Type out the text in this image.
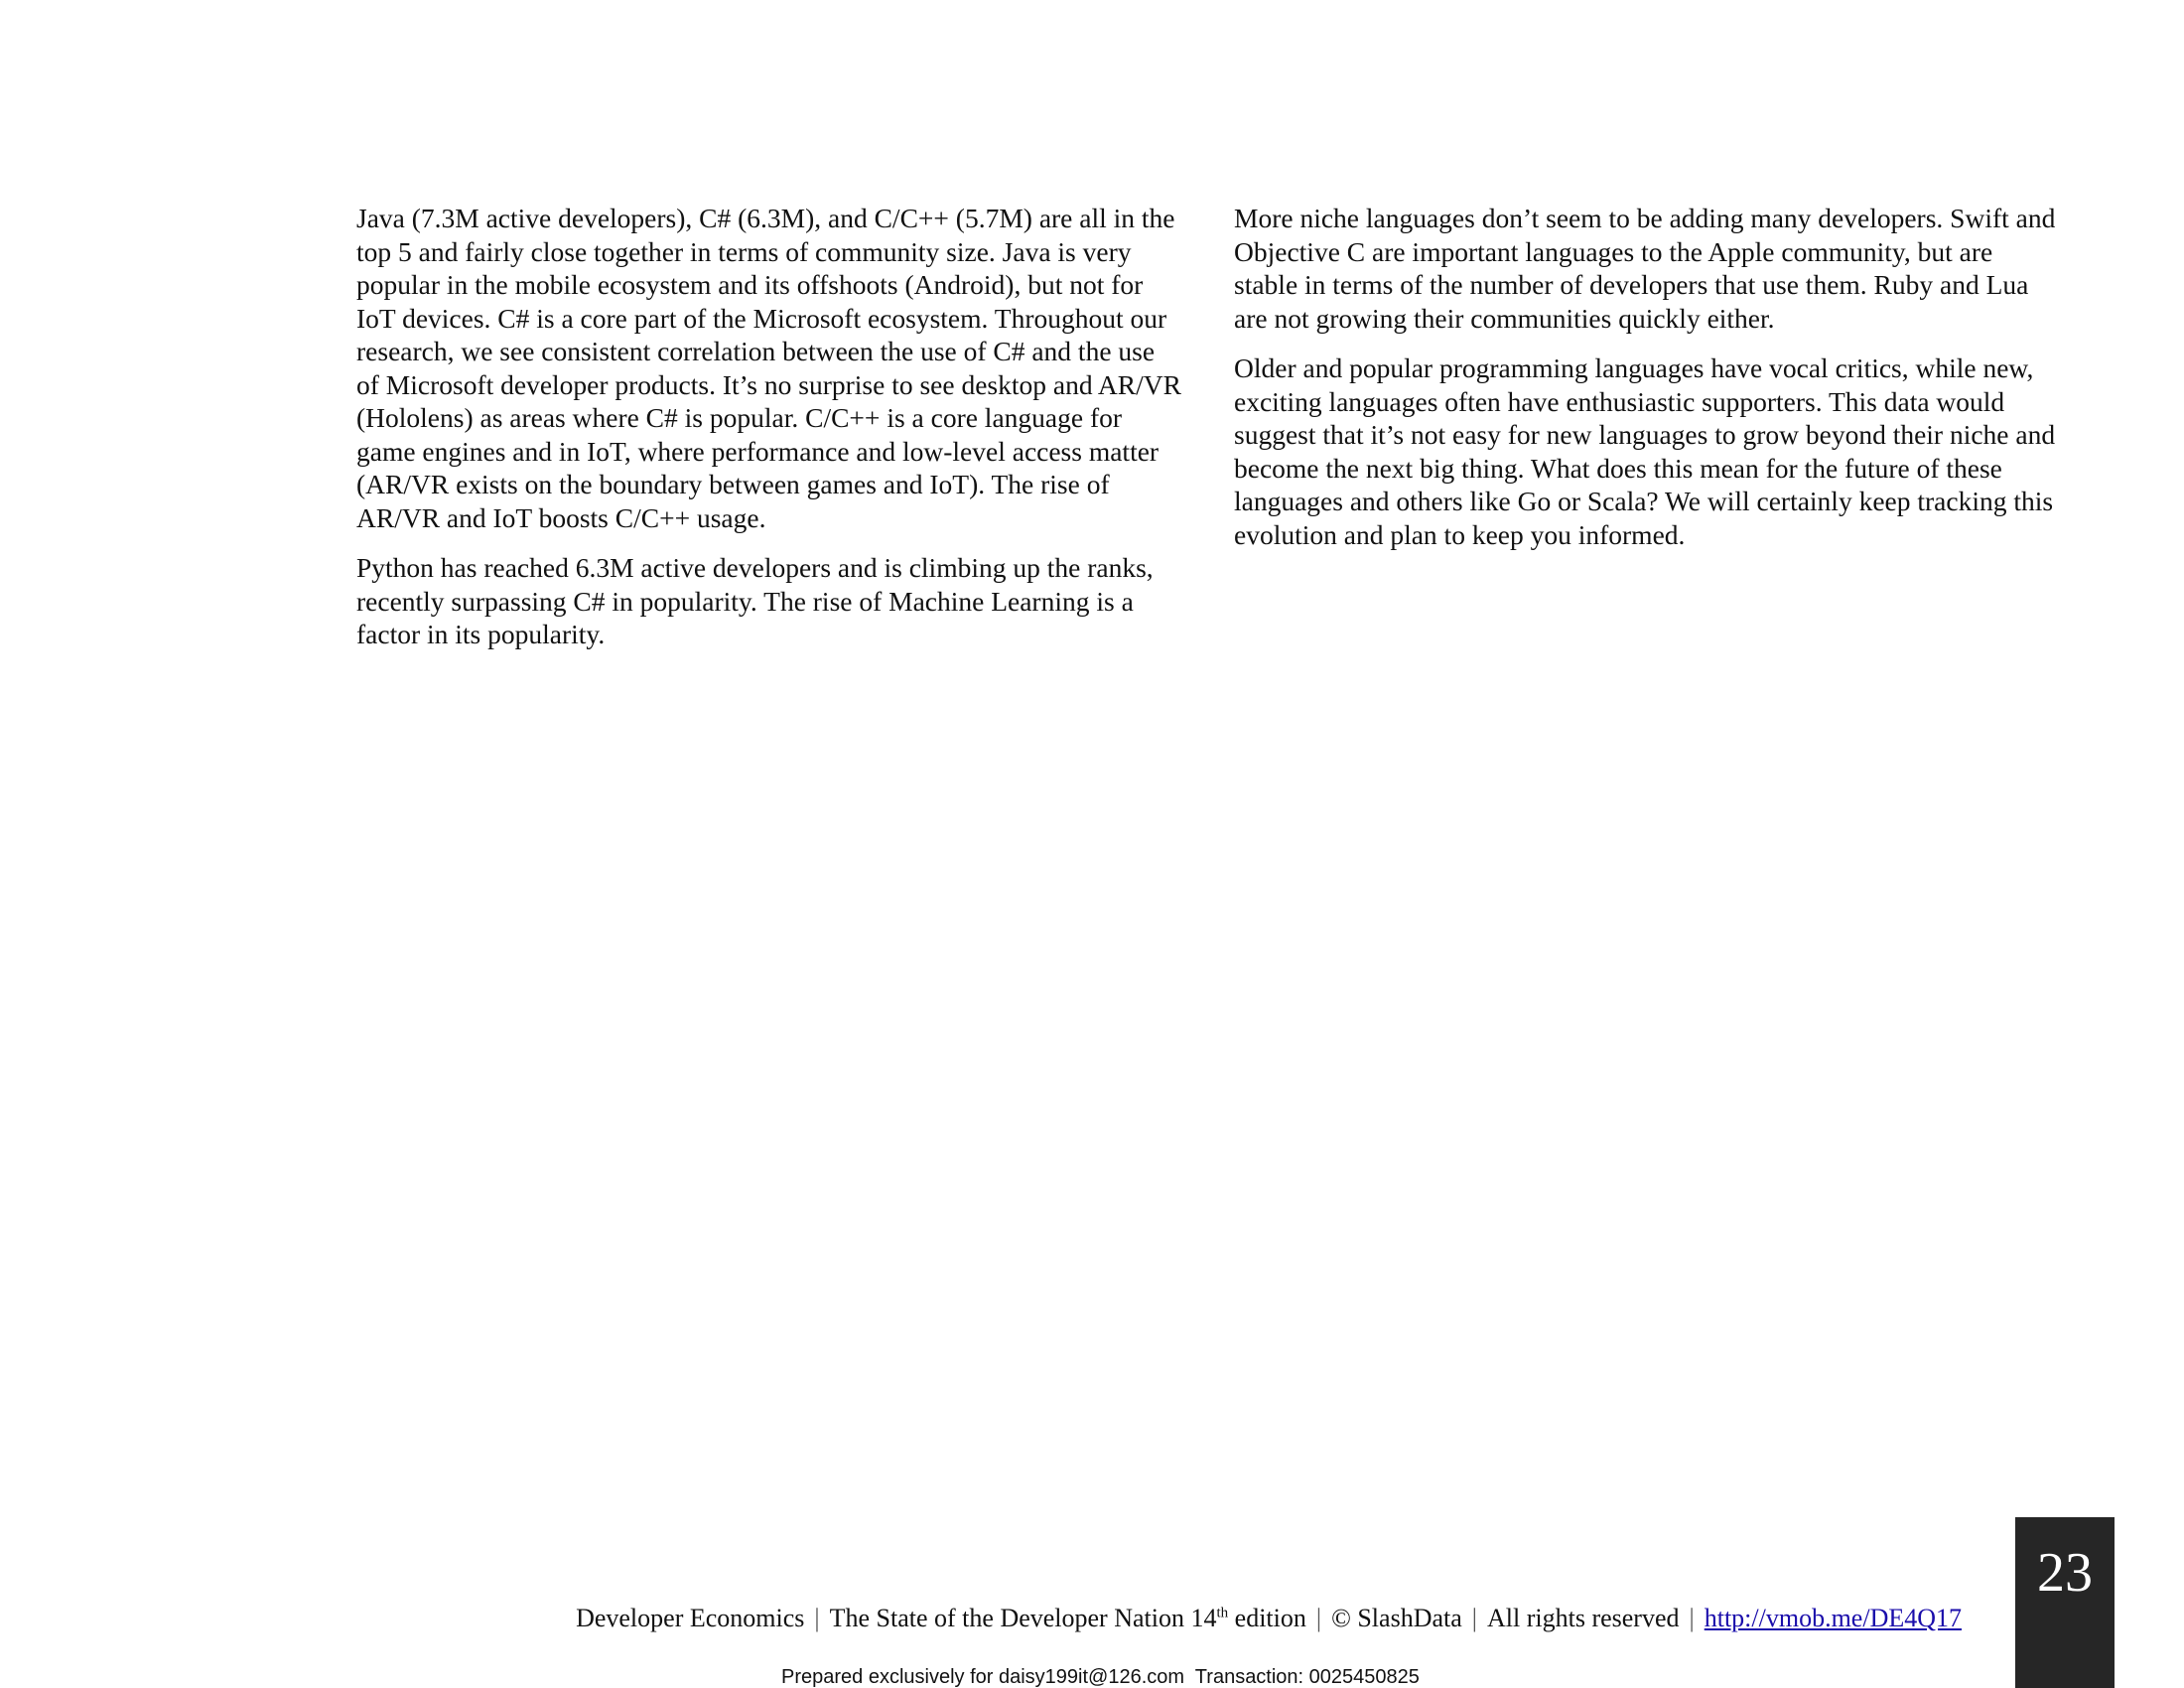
Java (7.3M active developers), C# (6.3M), and C/C++ (5.7M) are all in the top 5 and fairly close together in terms of community size. Java is very popular in the mobile ecosystem and its offshoots (Android), but not for IoT devices. C# is a core part of the Microsoft ecosystem. Throughout our research, we see consistent correlation between the use of C# and the use of Microsoft developer products. It’s no surprise to see desktop and AR/VR (Hololens) as areas where C# is popular. C/C++ is a core language for game engines and in IoT, where performance and low-level access matter (AR/VR exists on the boundary between games and IoT). The rise of AR/VR and IoT boosts C/C++ usage.

Python has reached 6.3M active developers and is climbing up the ranks, recently surpassing C# in popularity. The rise of Machine Learning is a factor in its popularity.

More niche languages don’t seem to be adding many developers. Swift and Objective C are important languages to the Apple community, but are stable in terms of the number of developers that use them. Ruby and Lua are not growing their communities quickly either.

Older and popular programming languages have vocal critics, while new, exciting languages often have enthusiastic supporters. This data would suggest that it’s not easy for new languages to grow beyond their niche and become the next big thing. What does this mean for the future of these languages and others like Go or Scala? We will certainly keep tracking this evolution and plan to keep you informed.

Developer Economics | The State of the Developer Nation 14th edition | © SlashData | All rights reserved | http://vmob.me/DE4Q17
Prepared exclusively for daisy199it@126.com  Transaction: 0025450825
23
